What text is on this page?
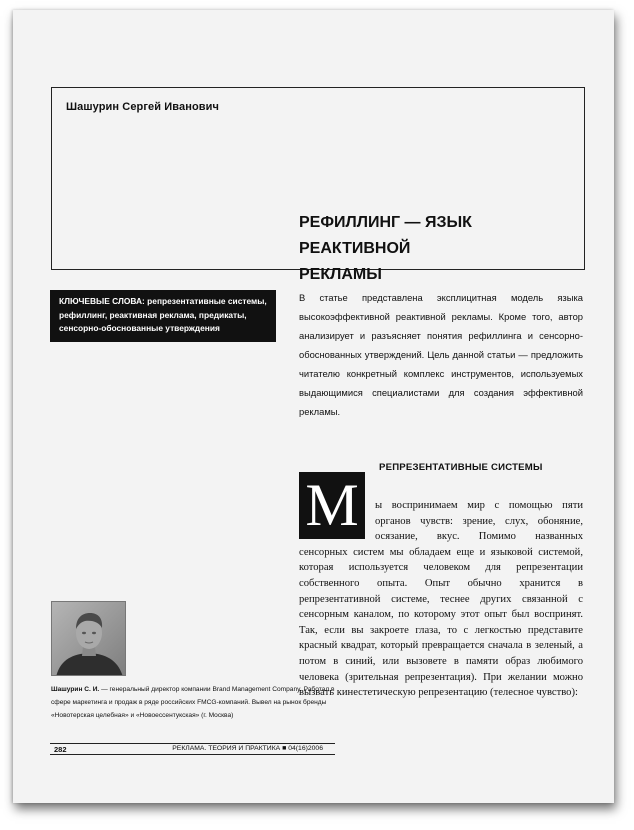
Шашурин Сергей Иванович
РЕФИЛЛИНГ — ЯЗЫК РЕАКТИВНОЙ
РЕКЛАМЫ
КЛЮЧЕВЫЕ СЛОВА: репрезентативные системы, рефиллинг, реактивная реклама, предикаты, сенсорно-обоснованные утверждения
В статье представлена эксплицитная модель языка высокоэффективной реактивной рекламы. Кроме того, автор анализирует и разъясняет понятия рефиллинга и сенсорно-обоснованных утверждений. Цель данной статьи — предложить читателю конкретный комплекс инструментов, используемых выдающимися специалистами для создания эффективной рекламы.
РЕПРЕЗЕНТАТИВНЫЕ СИСТЕМЫ
М	ы воспринимаем мир с помощью пяти органов чувств: зрение, слух, обоняние, осязание, вкус. Помимо названных сенсорных систем мы обладаем еще и языковой системой, которая используется человеком для репрезентации собственного опыта. Опыт обычно хранится в репрезентативной системе, теснее других связанной с сенсорным каналом, по которому этот опыт был воспринят. Так, если вы закроете глаза, то с легкостью представите красный квадрат, который превращается сначала в зеленый, а потом в синий, или вызовете в памяти образ любимого человека (зрительная репрезентация). При желании можно вызвать кинестетическую репрезентацию (телесное чувство):
Шашурин С. И. — генеральный директор компании Brand Management Company. Работал в сфере маркетинга и продаж в ряде российских FMCG-компаний. Вывел на рынок бренды «Новотерская целебная» и «Новоессентукская» (г. Москва)
282	РЕКЛАМА. ТЕОРИЯ И ПРАКТИКА ■ 04(16)2006
